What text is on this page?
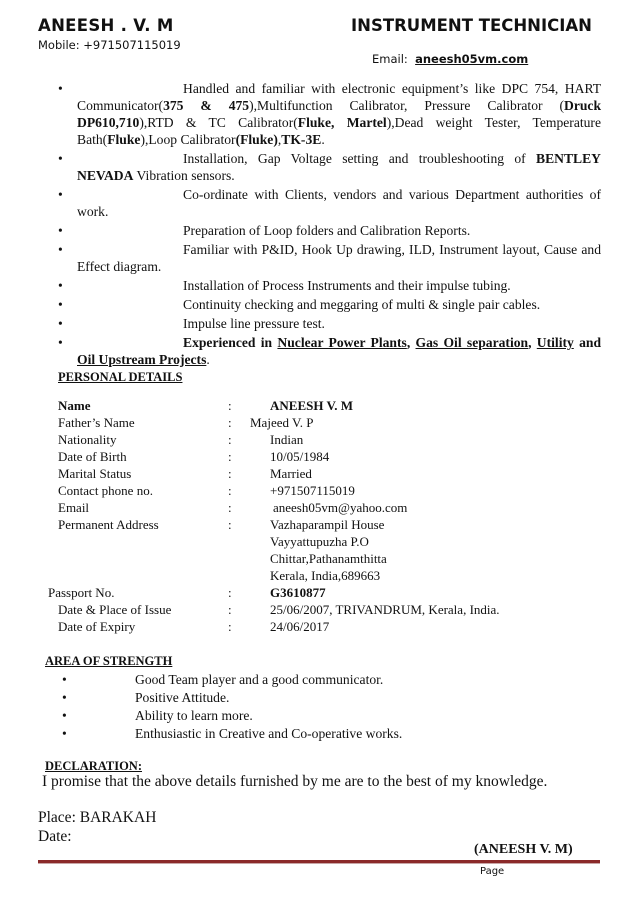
ANEESH . V. M	INSTRUMENT TECHNICIAN
Mobile: +971507115019
Email: aneesh05vm.com
•	Handled and familiar with electronic equipment’s like DPC 754, HART Communicator(375 & 475),Multifunction Calibrator, Pressure Calibrator (Druck DP610,710),RTD & TC Calibrator(Fluke, Martel),Dead weight Tester, Temperature Bath(Fluke),Loop Calibrator(Fluke),TK-3E.
•	Installation, Gap Voltage setting and troubleshooting of BENTLEY NEVADA Vibration sensors.
•	Co-ordinate with Clients, vendors and various Department authorities of work.
•	Preparation of Loop folders and Calibration Reports.
•	Familiar with P&ID, Hook Up drawing, ILD, Instrument layout, Cause and Effect diagram.
•	Installation of Process Instruments and their impulse tubing.
•	Continuity checking and meggaring of multi & single pair cables.
•	Impulse line pressure test.
•	Experienced in Nuclear Power Plants, Gas Oil separation, Utility and Oil Upstream Projects.
PERSONAL DETAILS
Name	:	ANEESH V. M
Father’s Name	: Majeed V. P
Nationality	:	Indian
Date of Birth	:	10/05/1984
Marital Status	:	Married
Contact phone no.	:	+971507115019
Email	:	aneesh05vm@yahoo.com
Permanent Address	:	Vazhaparampil House
Vayyattupuzha P.O
Chittar,Pathanamthitta
Kerala, India,689663
Passport No.	:	G3610877
Date & Place of Issue	:	25/06/2007, TRIVANDRUM, Kerala, India.
Date of Expiry	:	24/06/2017
AREA OF STRENGTH
•	Good Team player and a good communicator.
•	Positive Attitude.
•	Ability to learn more.
•	Enthusiastic in Creative and Co-operative works.
DECLARATION:
I promise that the above details furnished by me are to the best of my knowledge.
Place: BARAKAH
Date:
(ANEESH V. M)
Page
